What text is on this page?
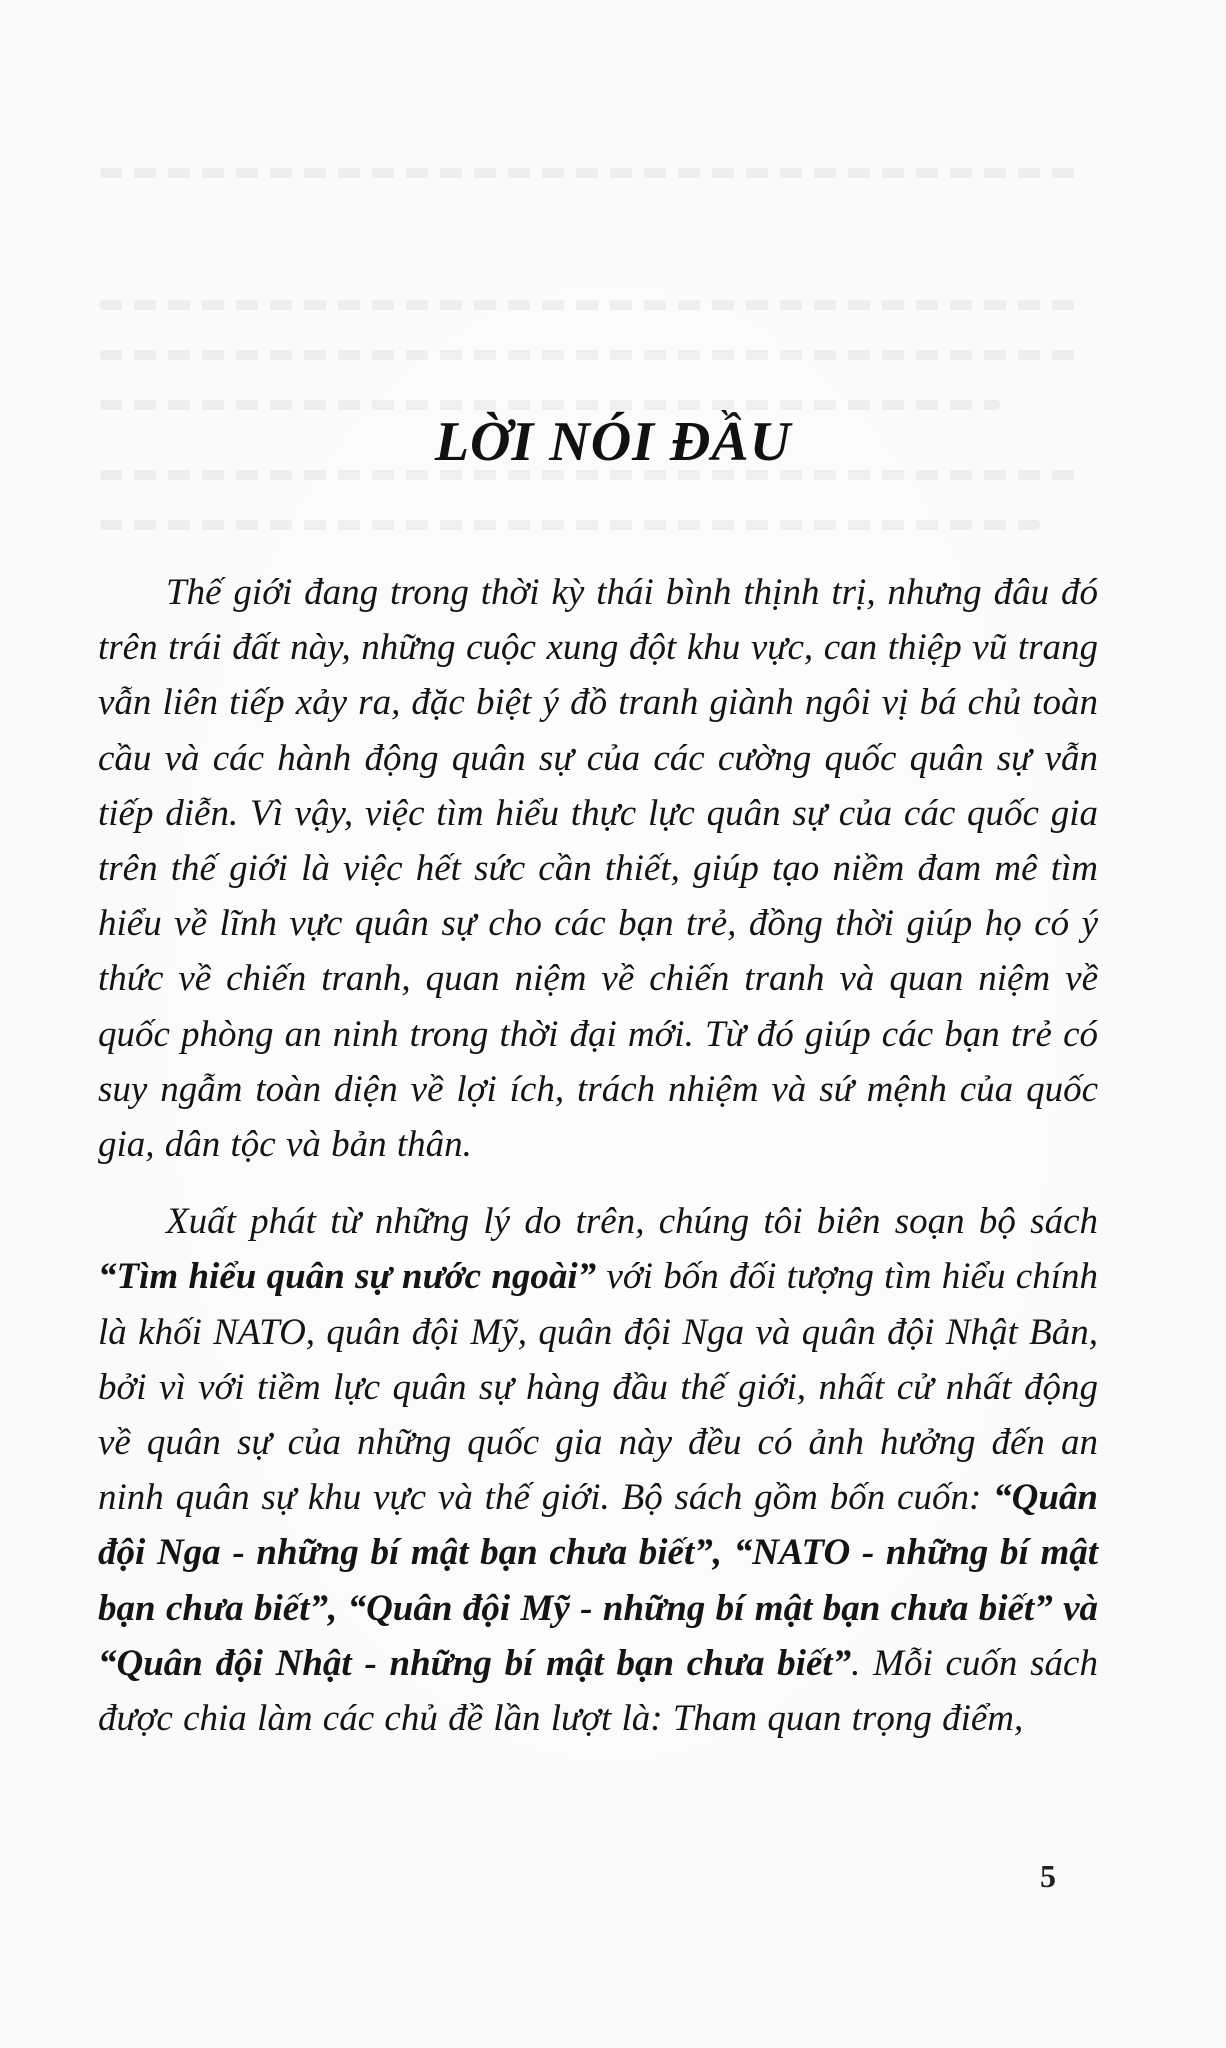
LỜI NÓI ĐẦU

Thế giới đang trong thời kỳ thái bình thịnh trị, nhưng đâu đó trên trái đất này, những cuộc xung đột khu vực, can thiệp vũ trang vẫn liên tiếp xảy ra, đặc biệt ý đồ tranh giành ngôi vị bá chủ toàn cầu và các hành động quân sự của các cường quốc quân sự vẫn tiếp diễn. Vì vậy, việc tìm hiểu thực lực quân sự của các quốc gia trên thế giới là việc hết sức cần thiết, giúp tạo niềm đam mê tìm hiểu về lĩnh vực quân sự cho các bạn trẻ, đồng thời giúp họ có ý thức về chiến tranh, quan niệm về chiến tranh và quan niệm về quốc phòng an ninh trong thời đại mới. Từ đó giúp các bạn trẻ có suy ngẫm toàn diện về lợi ích, trách nhiệm và sứ mệnh của quốc gia, dân tộc và bản thân.

Xuất phát từ những lý do trên, chúng tôi biên soạn bộ sách “Tìm hiểu quân sự nước ngoài” với bốn đối tượng tìm hiểu chính là khối NATO, quân đội Mỹ, quân đội Nga và quân đội Nhật Bản, bởi vì với tiềm lực quân sự hàng đầu thế giới, nhất cử nhất động về quân sự của những quốc gia này đều có ảnh hưởng đến an ninh quân sự khu vực và thế giới. Bộ sách gồm bốn cuốn: “Quân đội Nga - những bí mật bạn chưa biết”, “NATO - những bí mật bạn chưa biết”, “Quân đội Mỹ - những bí mật bạn chưa biết” và “Quân đội Nhật - những bí mật bạn chưa biết”. Mỗi cuốn sách được chia làm các chủ đề lần lượt là: Tham quan trọng điểm,

5
